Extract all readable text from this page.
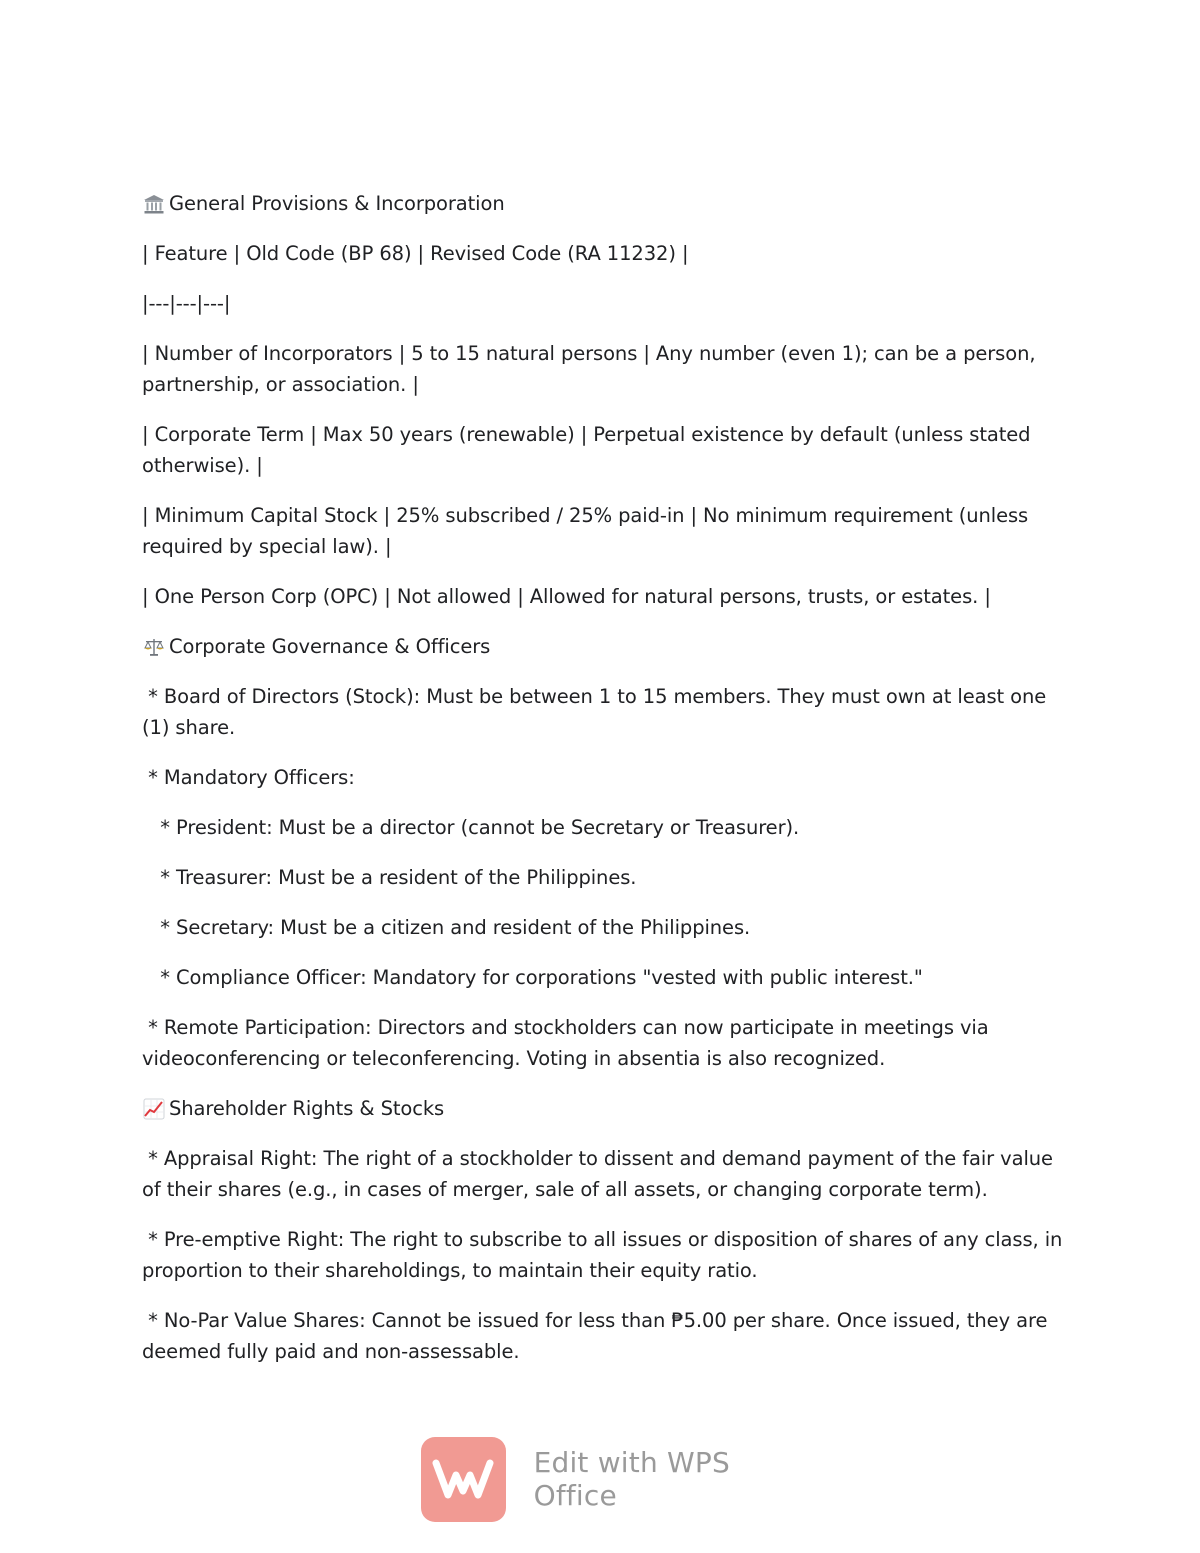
General Provisions & Incorporation
| Feature | Old Code (BP 68) | Revised Code (RA 11232) |
|---|---|---|
| Number of Incorporators | 5 to 15 natural persons | Any number (even 1); can be a person, partnership, or association. |
| Corporate Term | Max 50 years (renewable) | Perpetual existence by default (unless stated otherwise). |
| Minimum Capital Stock | 25% subscribed / 25% paid-in | No minimum requirement (unless required by special law). |
| One Person Corp (OPC) | Not allowed | Allowed for natural persons, trusts, or estates. |
Corporate Governance & Officers
* Board of Directors (Stock): Must be between 1 to 15 members. They must own at least one (1) share.
* Mandatory Officers:
* President: Must be a director (cannot be Secretary or Treasurer).
* Treasurer: Must be a resident of the Philippines.
* Secretary: Must be a citizen and resident of the Philippines.
* Compliance Officer: Mandatory for corporations "vested with public interest."
* Remote Participation: Directors and stockholders can now participate in meetings via videoconferencing or teleconferencing. Voting in absentia is also recognized.
Shareholder Rights & Stocks
* Appraisal Right: The right of a stockholder to dissent and demand payment of the fair value of their shares (e.g., in cases of merger, sale of all assets, or changing corporate term).
* Pre-emptive Right: The right to subscribe to all issues or disposition of shares of any class, in proportion to their shareholdings, to maintain their equity ratio.
* No-Par Value Shares: Cannot be issued for less than ₱5.00 per share. Once issued, they are deemed fully paid and non-assessable.
Edit with WPS Office
